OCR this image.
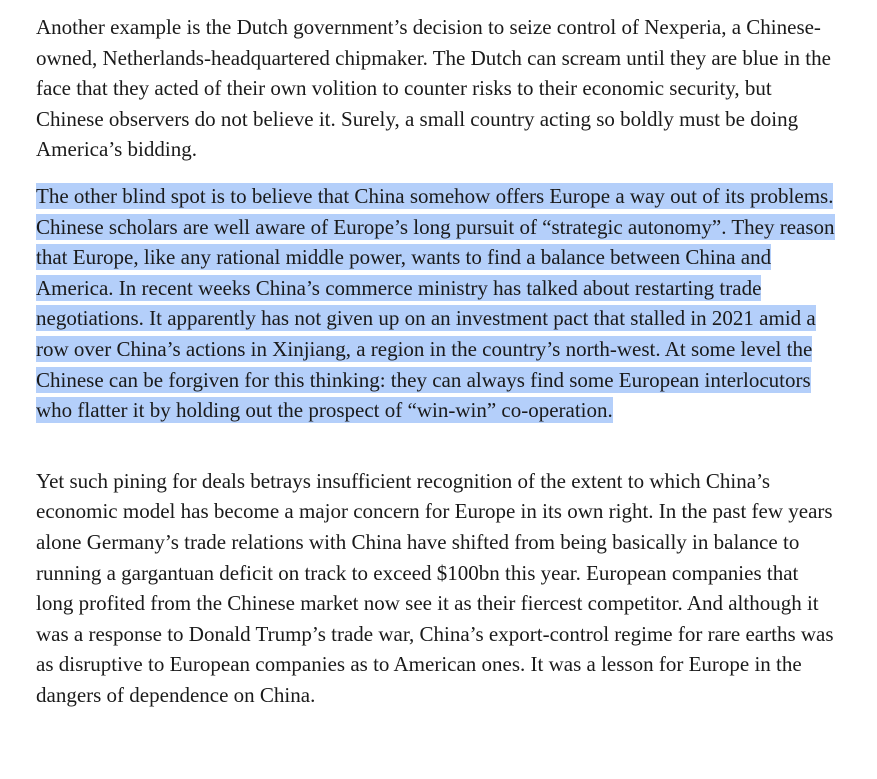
Another example is the Dutch government’s decision to seize control of Nexperia, a Chinese-owned, Netherlands-headquartered chipmaker. The Dutch can scream until they are blue in the face that they acted of their own volition to counter risks to their economic security, but Chinese observers do not believe it. Surely, a small country acting so boldly must be doing America’s bidding.

The other blind spot is to believe that China somehow offers Europe a way out of its problems. Chinese scholars are well aware of Europe’s long pursuit of “strategic autonomy”. They reason that Europe, like any rational middle power, wants to find a balance between China and America. In recent weeks China’s commerce ministry has talked about restarting trade negotiations. It apparently has not given up on an investment pact that stalled in 2021 amid a row over China’s actions in Xinjiang, a region in the country’s north-west. At some level the Chinese can be forgiven for this thinking: they can always find some European interlocutors who flatter it by holding out the prospect of “win-win” co-operation.

Yet such pining for deals betrays insufficient recognition of the extent to which China’s economic model has become a major concern for Europe in its own right. In the past few years alone Germany’s trade relations with China have shifted from being basically in balance to running a gargantuan deficit on track to exceed $100bn this year. European companies that long profited from the Chinese market now see it as their fiercest competitor. And although it was a response to Donald Trump’s trade war, China’s export-control regime for rare earths was as disruptive to European companies as to American ones. It was a lesson for Europe in the dangers of dependence on China.
